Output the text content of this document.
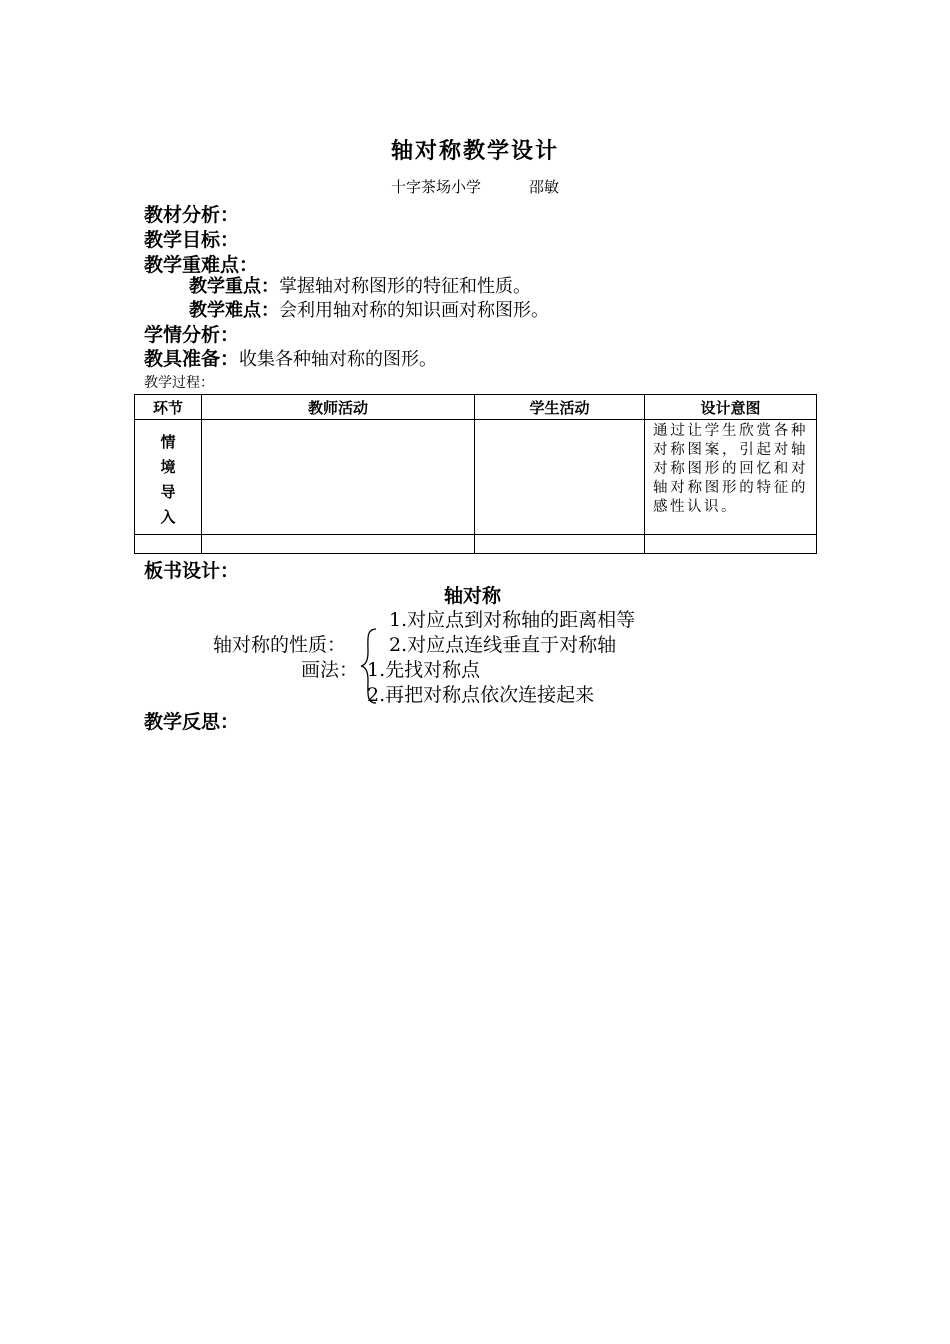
轴对称教学设计
十字茶场小学	邵敏
教材分析：
教学目标：
教学重难点：
教学重点：掌握轴对称图形的特征和性质。
教学难点：会利用轴对称的知识画对称图形。
学情分析：
教具准备：收集各种轴对称的图形。
教学过程：
环节	教师活动	学生活动	设计意图

情境导入			通过让学生欣赏各种对称图案，引起对轴对称图形的回忆和对轴对称图形的特征的感性认识。

板书设计：
轴对称
1.对应点到对称轴的距离相等
轴对称的性质： 2.对应点连线垂直于对称轴
画法： 1.先找对称点
2.再把对称点依次连接起来
教学反思：
